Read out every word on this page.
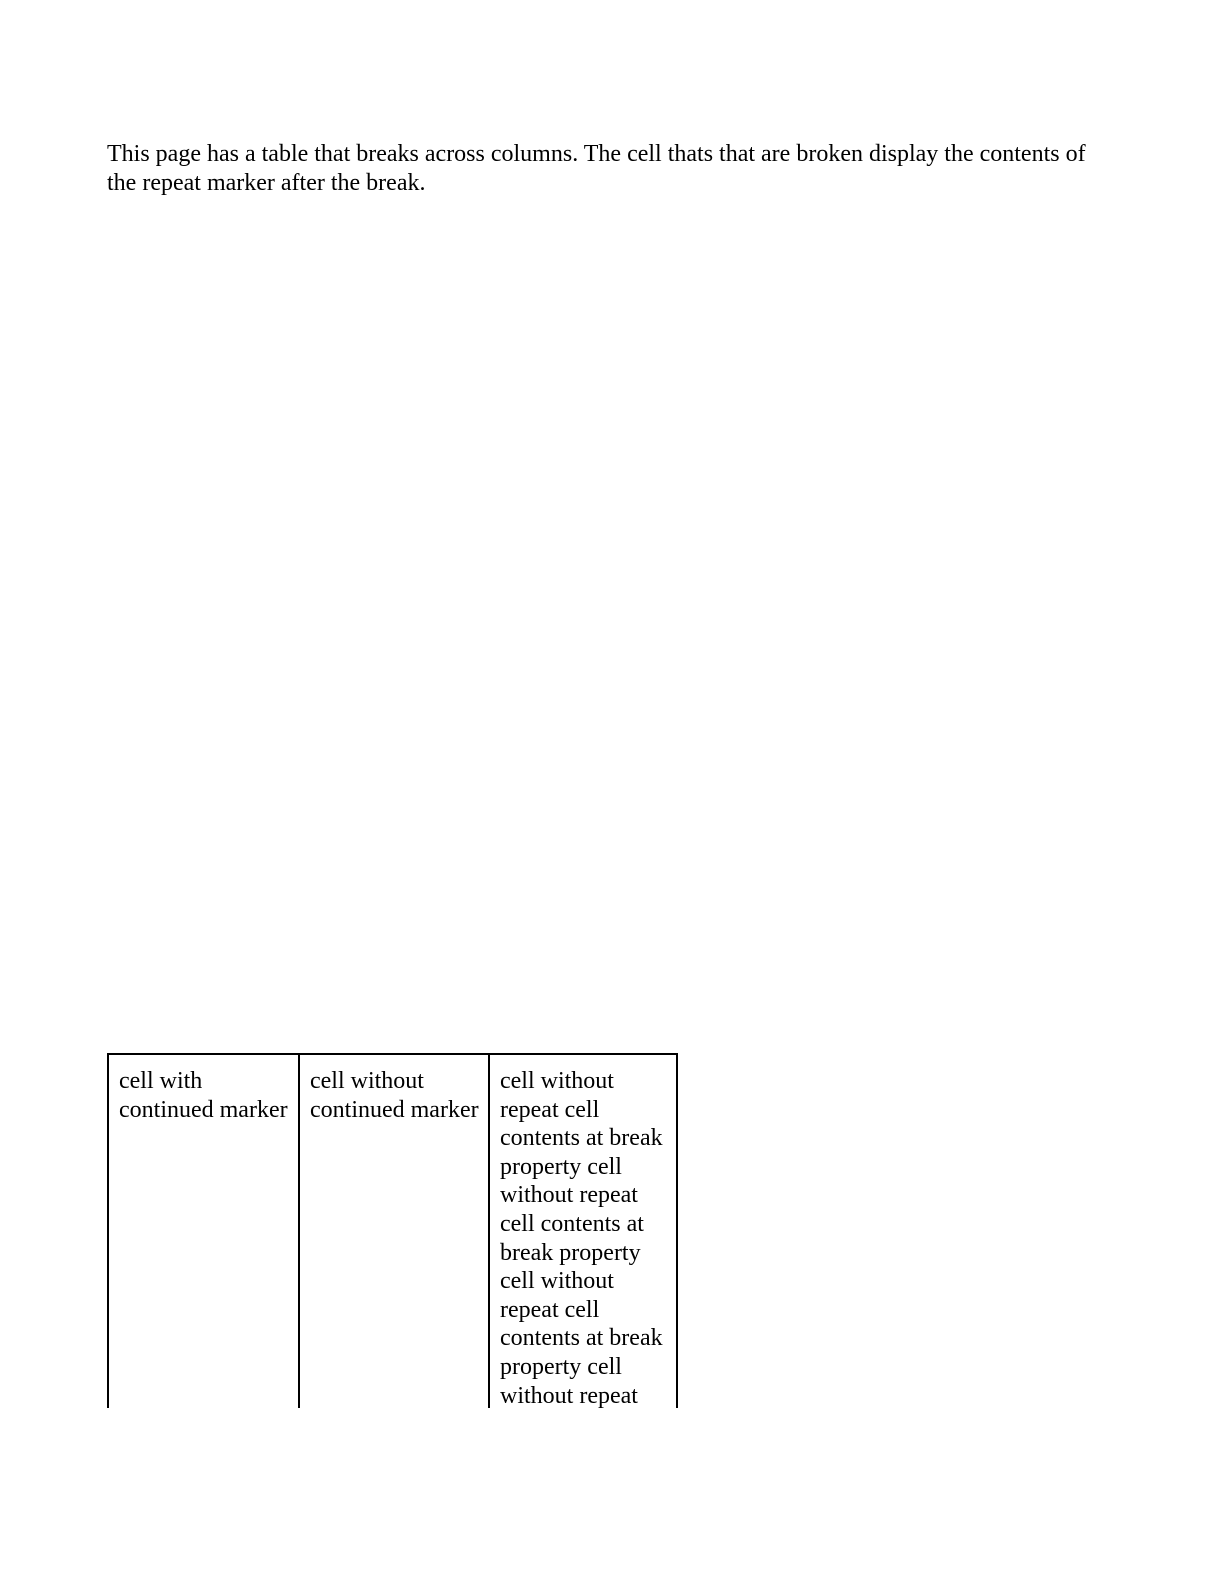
This page has a table that breaks across columns. The cell thats that are broken display the contents of
the repeat marker after the break.

cell with
continued marker
cell without
continued marker
cell without
repeat cell
contents at break
property cell
without repeat
cell contents at
break property
cell without
repeat cell
contents at break
property cell
without repeat
